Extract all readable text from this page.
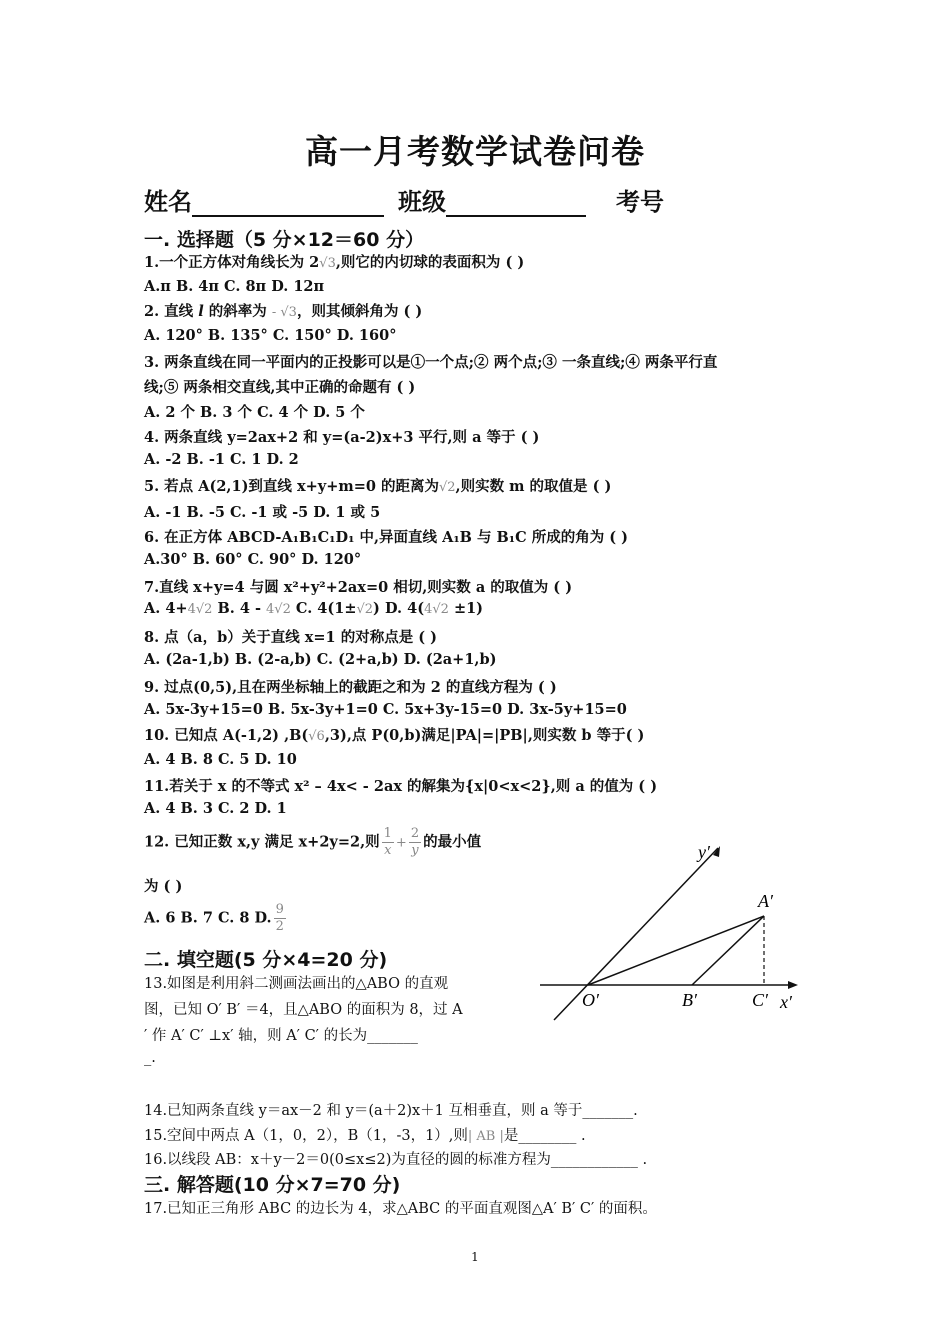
高一月考数学试卷问卷
姓名	班级	考号
一. 选择题（5 分×12＝60 分）
1.一个正方体对角线长为 2√3,则它的内切球的表面积为 ( )
A.π B. 4π C. 8π D. 12π
2. 直线 l 的斜率为 - √3，则其倾斜角为 ( )
A. 120° B. 135° C. 150° D. 160°
3. 两条直线在同一平面内的正投影可以是①一个点;② 两个点;③ 一条直线;④ 两条平行直
线;⑤ 两条相交直线,其中正确的命题有 ( )
A. 2 个 B. 3 个 C. 4 个 D. 5 个
4. 两条直线 y=2ax+2 和 y=(a-2)x+3 平行,则 a 等于 ( )
A. -2 B. -1 C. 1 D. 2
5. 若点 A(2,1)到直线 x+y+m=0 的距离为√2,则实数 m 的取值是 ( )
A. -1 B. -5 C. -1 或 -5 D. 1 或 5
6. 在正方体 ABCD-A₁B₁C₁D₁ 中,异面直线 A₁B 与 B₁C 所成的角为 ( )
A.30° B. 60° C. 90° D. 120°
7.直线 x+y=4 与圆 x²+y²+2ax=0 相切,则实数 a 的取值为 ( )
A. 4+4√2 B. 4 - 4√2 C. 4(1±√2) D. 4(4√2 ±1)
8. 点（a，b）关于直线 x=1 的对称点是 ( )
A. (2a-1,b) B. (2-a,b) C. (2+a,b) D. (2a+1,b)
9. 过点(0,5),且在两坐标轴上的截距之和为 2 的直线方程为 ( )
A. 5x-3y+15=0 B. 5x-3y+1=0 C. 5x+3y-15=0 D. 3x-5y+15=0
10. 已知点 A(-1,2) ,B(√6,3),点 P(0,b)满足|PA|=|PB|,则实数 b 等于( )
A. 4 B. 8 C. 5 D. 10
11.若关于 x 的不等式 x² – 4x< - 2ax 的解集为{x|0<x<2},则 a 的值为 ( )
A. 4 B. 3 C. 2 D. 1
12. 已知正数 x,y 满足 x+2y=2,则 $\frac{1}{x} + \frac{2}{y}$ 的最小值
为 ( )
A. 6 B. 7 C. 8 D. $\frac{9}{2}$
二. 填空题(5 分×4=20 分)
13.如图是利用斜二测画法画出的△ABO 的直观
图，已知 O′ B′ ＝4，且△ABO 的面积为 8，过 A
′ 作 A′ C′ ⊥x′ 轴，则 A′ C′ 的长为_______
_.
y′
A′
O′	B′	C′ x′
14.已知两条直线 y＝ax－2 和 y＝(a＋2)x＋1 互相垂直，则 a 等于_______.
15.空间中两点 A（1，0，2），B（1，-3，1）,则| AB |是________ .
16.以线段 AB：x＋y－2＝0(0≤x≤2)为直径的圆的标准方程为____________ .
三. 解答题(10 分×7=70 分)
17.已知正三角形 ABC 的边长为 4，求△ABC 的平面直观图△A′ B′ C′ 的面积。
1
